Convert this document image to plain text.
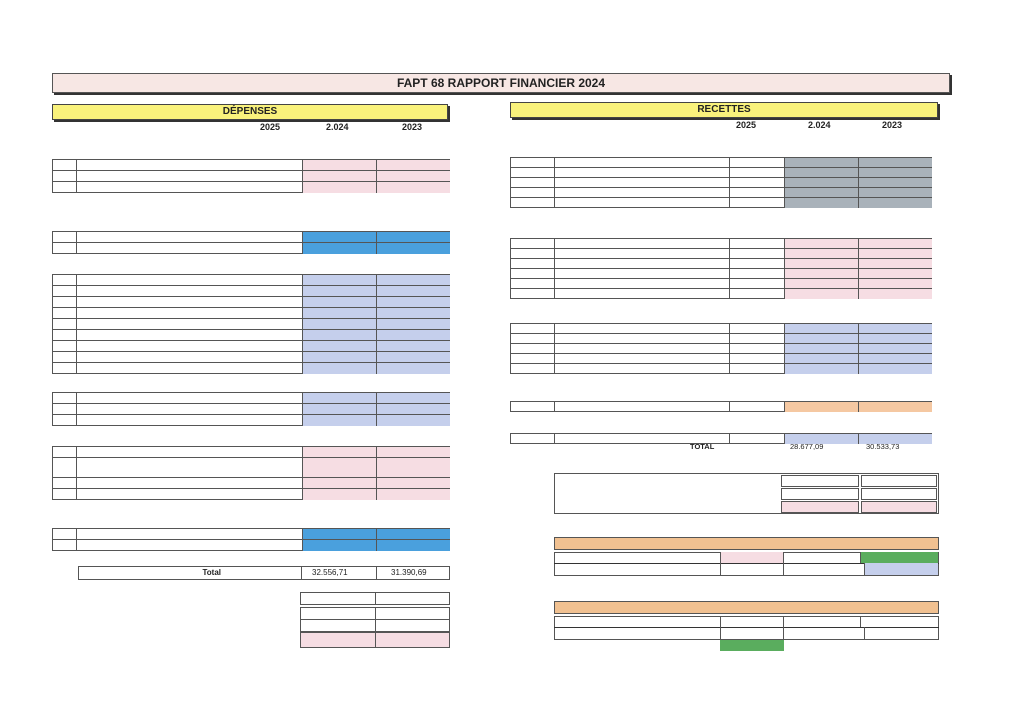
FAPT 68 RAPPORT FINANCIER 2024
DÉPENSES
2025	2.024	2023
Total	32.556,71	31.390,69
RECETTES
2025	2.024	2023
TOTAL	28.677,09	30.533,73
